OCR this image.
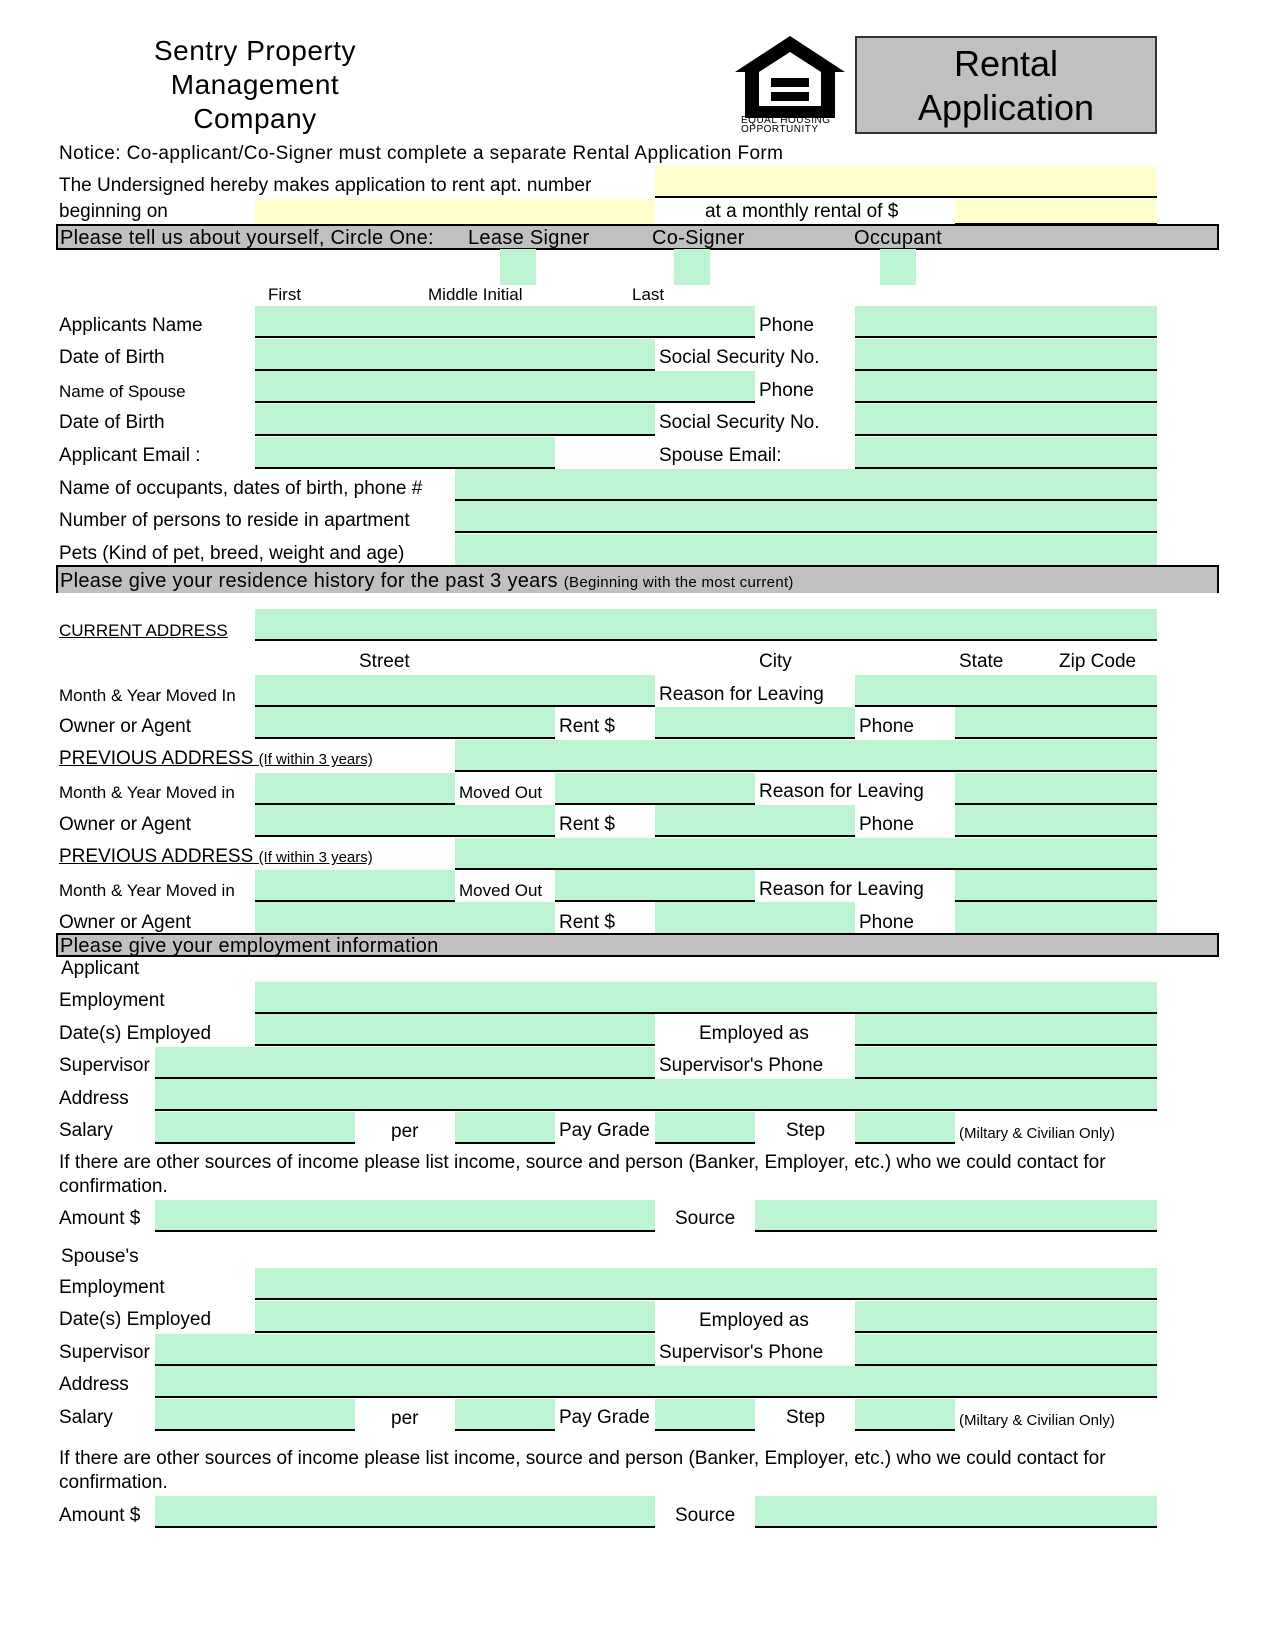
Sentry Property
Management
Company	EQUAL HOUSING
OPPORTUNITY
Rental
Application
Notice: Co-applicant/Co-Signer must complete a separate Rental Application Form
The Undersigned hereby makes application to rent apt. number
beginning on	at a monthly rental of $
Please tell us about yourself, Circle One: Lease Signer	Co-Signer	Occupant
First	Middle Initial	Last
Applicants Name	Phone
Date of Birth	Social Security No.
Name of Spouse	Phone
Date of Birth	Social Security No.
Applicant Email :	Spouse Email:
Name of occupants, dates of birth, phone #
Number of persons to reside in apartment
Pets (Kind of pet, breed, weight and age)
Please give your residence history for the past 3 years (Beginning with the most current)
CURRENT ADDRESS
Street	City	State	Zip Code
Month & Year Moved In	Reason for Leaving
Owner or Agent	Rent $	Phone
PREVIOUS ADDRESS (If within 3 years)
Month & Year Moved in	Moved Out	Reason for Leaving
Owner or Agent	Rent $	Phone
PREVIOUS ADDRESS (If within 3 years)
Month & Year Moved in	Moved Out	Reason for Leaving
Owner or Agent	Rent $	Phone
Please give your employment information
Applicant
Employment
Date(s) Employed	Employed as
Supervisor	Supervisor's Phone
Address
Salary	per	Pay Grade	Step	(Miltary & Civilian Only)
If there are other sources of income please list income, source and person (Banker, Employer, etc.) who we could contact for
confirmation.
Amount $	Source
Spouse's
Employment
Date(s) Employed	Employed as
Supervisor	Supervisor's Phone
Address
Salary	per	Pay Grade	Step	(Miltary & Civilian Only)
If there are other sources of income please list income, source and person (Banker, Employer, etc.) who we could contact for
confirmation.
Amount $	Source
